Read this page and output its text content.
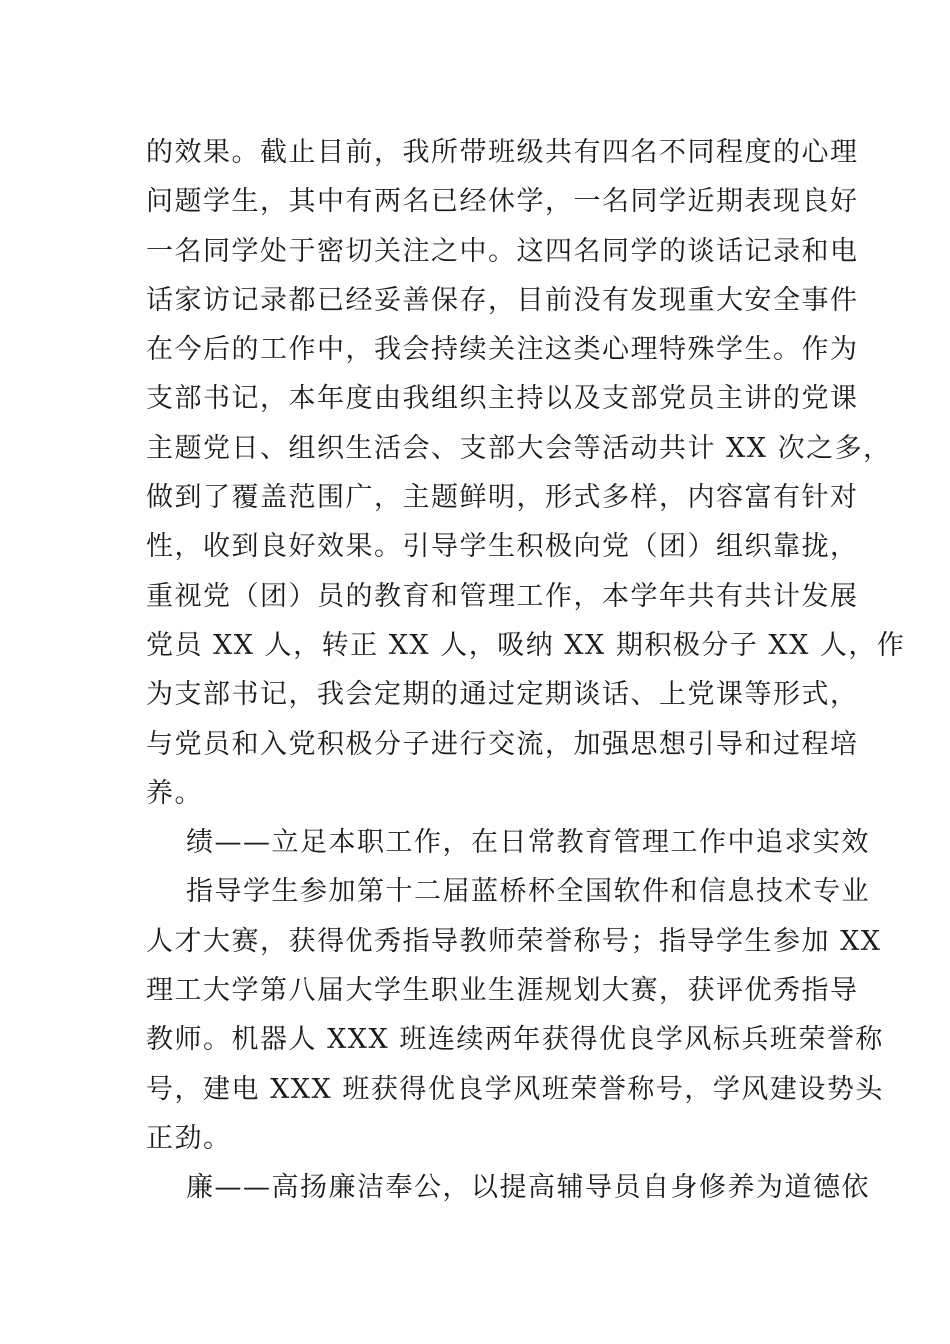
的效果。截止目前，我所带班级共有四名不同程度的心理
问题学生，其中有两名已经休学，一名同学近期表现良好
一名同学处于密切关注之中。这四名同学的谈话记录和电
话家访记录都已经妥善保存，目前没有发现重大安全事件
在今后的工作中，我会持续关注这类心理特殊学生。作为
支部书记，本年度由我组织主持以及支部党员主讲的党课
主题党日、组织生活会、支部大会等活动共计 XX 次之多，
做到了覆盖范围广，主题鲜明，形式多样，内容富有针对
性，收到良好效果。引导学生积极向党（团）组织靠拢，
重视党（团）员的教育和管理工作，本学年共有共计发展
党员 XX 人，转正 XX 人，吸纳 XX 期积极分子 XX 人，作
为支部书记，我会定期的通过定期谈话、上党课等形式，
与党员和入党积极分子进行交流，加强思想引导和过程培
养。
绩——立足本职工作，在日常教育管理工作中追求实效
指导学生参加第十二届蓝桥杯全国软件和信息技术专业
人才大赛，获得优秀指导教师荣誉称号；指导学生参加 XX
理工大学第八届大学生职业生涯规划大赛，获评优秀指导
教师。机器人 XXX 班连续两年获得优良学风标兵班荣誉称
号，建电 XXX 班获得优良学风班荣誉称号，学风建设势头
正劲。
廉——高扬廉洁奉公，以提高辅导员自身修养为道德依
